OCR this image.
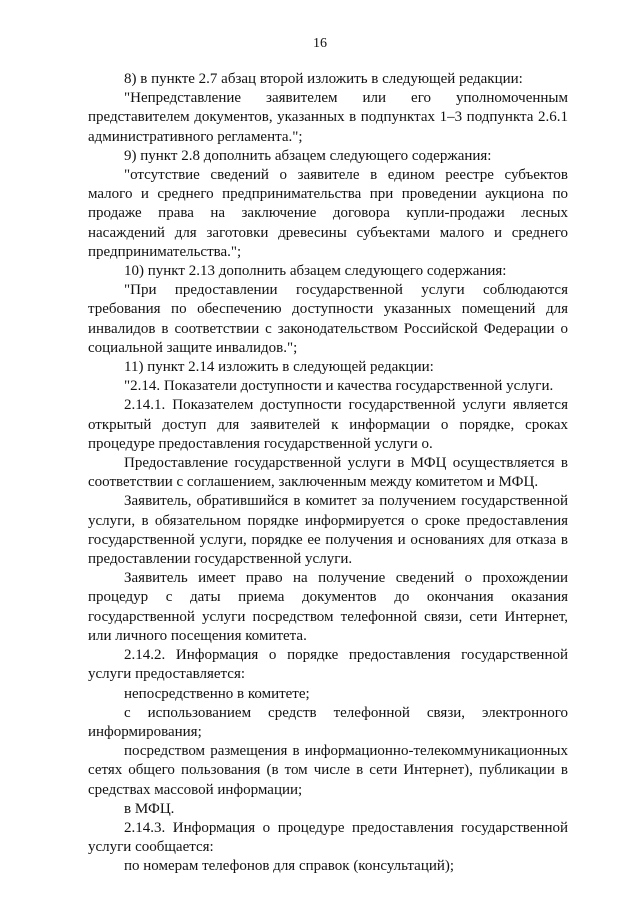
16

8) в пункте 2.7 абзац второй изложить в следующей редакции:

"Непредставление заявителем или его уполномоченным представителем документов, указанных в подпунктах 1–3 подпункта 2.6.1 административного регламента.";

9) пункт 2.8 дополнить абзацем следующего содержания:

"отсутствие сведений о заявителе в едином реестре субъектов малого и среднего предпринимательства при проведении аукциона по продаже права на заключение договора купли-продажи лесных насаждений для заготовки древесины субъектами малого и среднего предпринимательства.";

10) пункт 2.13 дополнить абзацем следующего содержания:

"При предоставлении государственной услуги соблюдаются требования по обеспечению доступности указанных помещений для инвалидов в соответствии с законодательством Российской Федерации о социальной защите инвалидов.";

11) пункт 2.14 изложить в следующей редакции:

"2.14. Показатели доступности и качества государственной услуги.

2.14.1. Показателем доступности государственной услуги является открытый доступ для заявителей к информации о порядке, сроках процедуре предоставления государственной услуги о.

Предоставление государственной услуги в МФЦ осуществляется в соответствии с соглашением, заключенным между комитетом и МФЦ.

Заявитель, обратившийся в комитет за получением государственной услуги, в обязательном порядке информируется о сроке предоставления государственной услуги, порядке ее получения и основаниях для отказа в предоставлении государственной услуги.

Заявитель имеет право на получение сведений о прохождении процедур с даты приема документов до окончания оказания государственной услуги посредством телефонной связи, сети Интернет, или личного посещения комитета.

2.14.2. Информация о порядке предоставления государственной услуги предоставляется:

непосредственно в комитете;

с использованием средств телефонной связи, электронного информирования;

посредством размещения в информационно-телекоммуникационных сетях общего пользования (в том числе в сети Интернет), публикации в средствах массовой информации;

в МФЦ.

2.14.3. Информация о процедуре предоставления государственной услуги сообщается:

по номерам телефонов для справок (консультаций);
